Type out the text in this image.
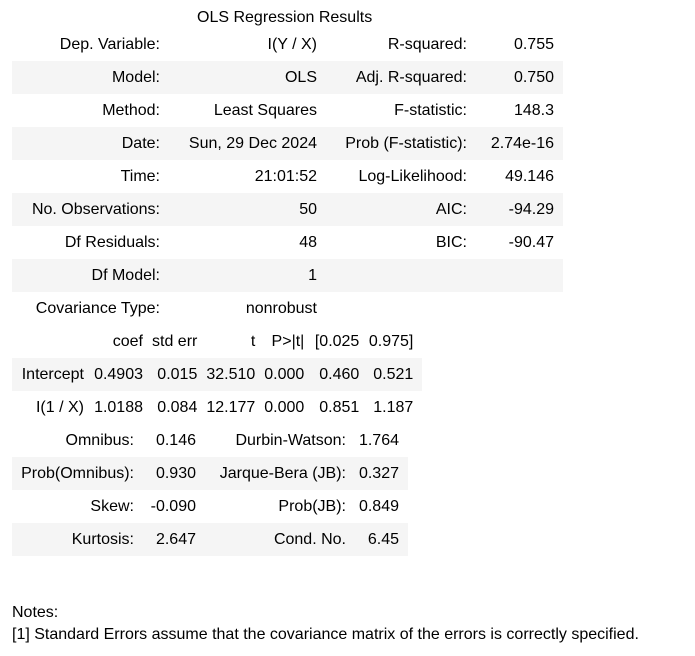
OLS Regression Results
Dep. Variable:	I(Y / X)	R-squared:	0.755
Model:	OLS	Adj. R-squared:	0.750
Method:	Least Squares	F-statistic:	148.3
Date:	Sun, 29 Dec 2024	Prob (F-statistic):	2.74e-16
Time:	21:01:52	Log-Likelihood:	49.146
No. Observations:	50	AIC:	-94.29
Df Residuals:	48	BIC:	-90.47
Df Model:	1		
Covariance Type:	nonrobust		
	coef	std err	t	P>|t|	[0.025	0.975]
Intercept	0.4903	0.015	32.510	0.000	0.460	0.521
I(1 / X)	1.0188	0.084	12.177	0.000	0.851	1.187
Omnibus:	0.146	Durbin-Watson:	1.764
Prob(Omnibus):	0.930	Jarque-Bera (JB):	0.327
Skew:	-0.090	Prob(JB):	0.849
Kurtosis:	2.647	Cond. No.	6.45
Notes:
[1] Standard Errors assume that the covariance matrix of the errors is correctly specified.
